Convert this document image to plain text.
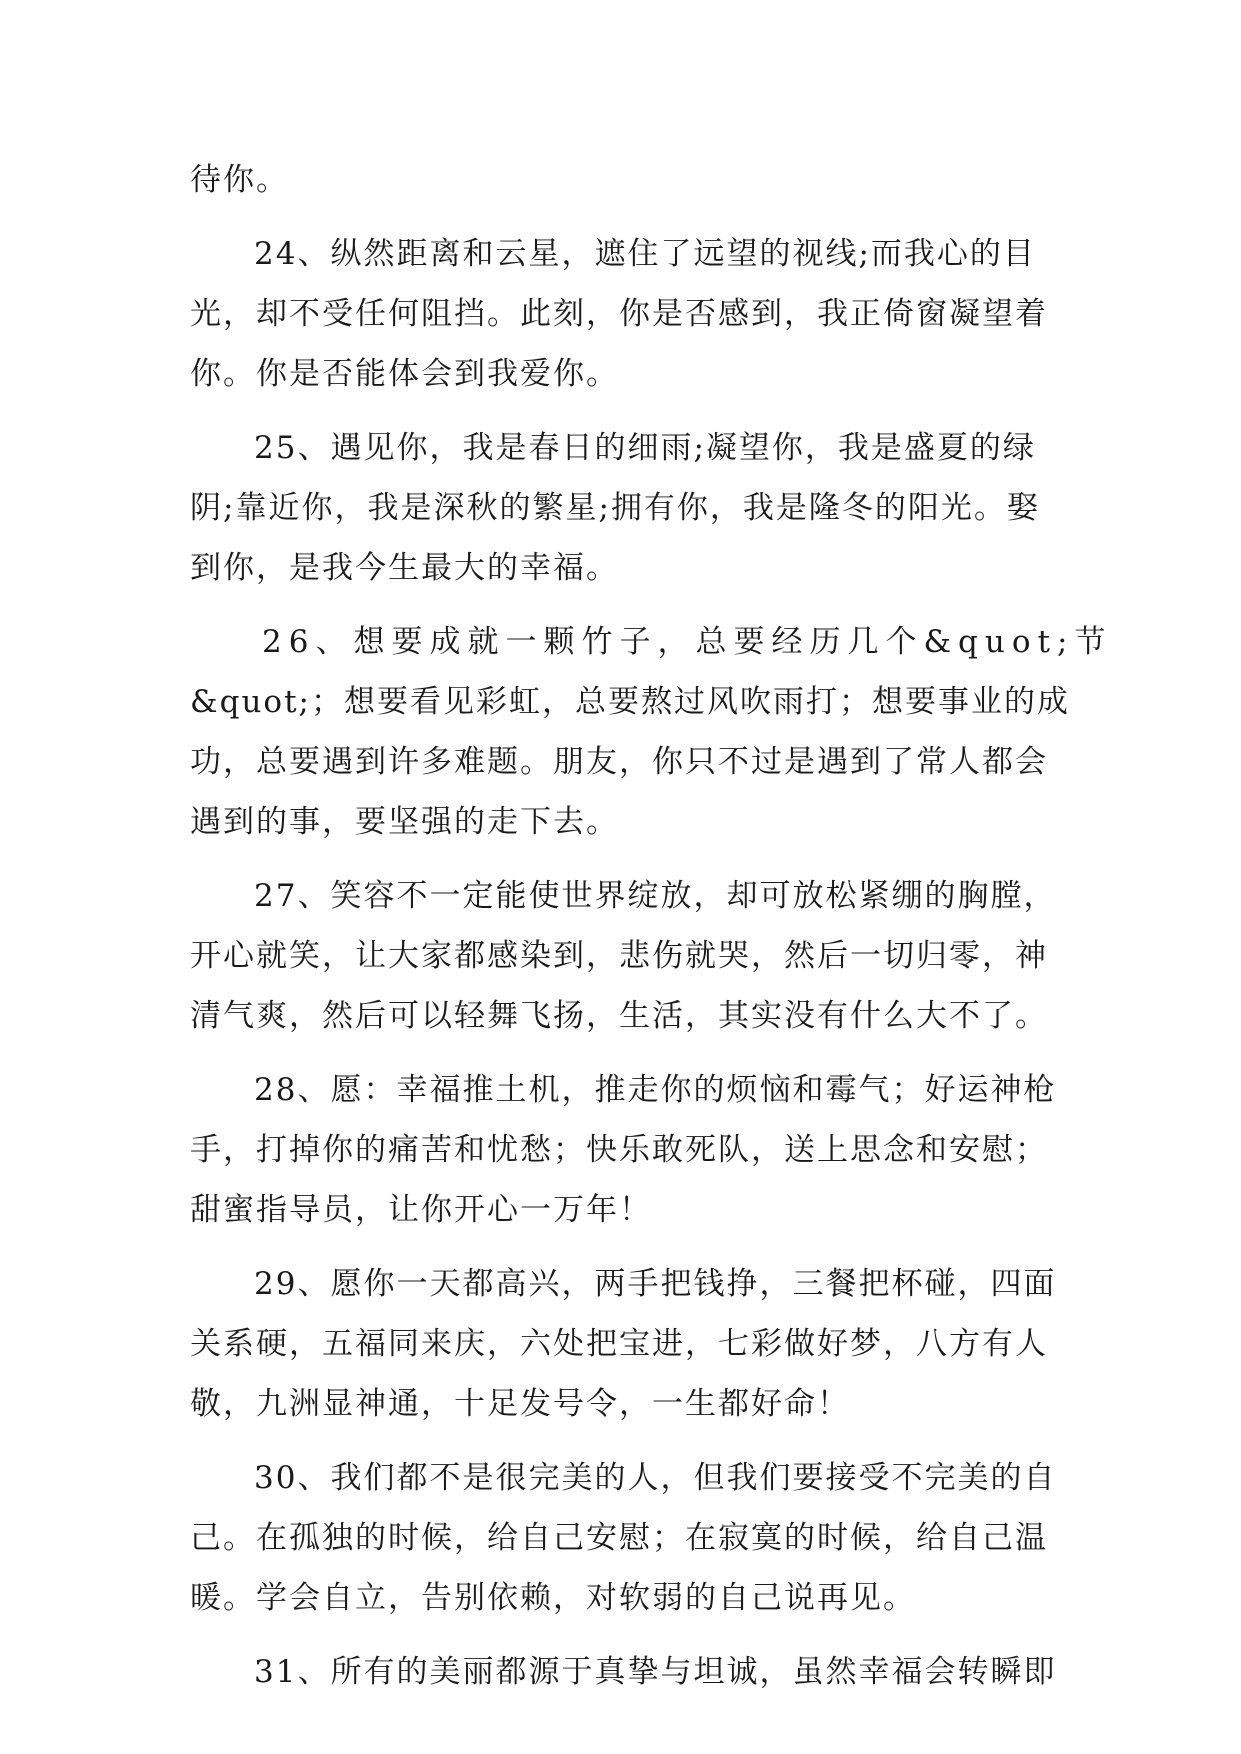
待你。
24、纵然距离和云星，遮住了远望的视线;而我心的目
光，却不受任何阻挡。此刻，你是否感到，我正倚窗凝望着
你。你是否能体会到我爱你。
25、遇见你，我是春日的细雨;凝望你，我是盛夏的绿
阴;靠近你，我是深秋的繁星;拥有你，我是隆冬的阳光。娶
到你，是我今生最大的幸福。
26、想要成就一颗竹子，总要经历几个&quot;节
&quot;；想要看见彩虹，总要熬过风吹雨打；想要事业的成
功，总要遇到许多难题。朋友，你只不过是遇到了常人都会
遇到的事，要坚强的走下去。
27、笑容不一定能使世界绽放，却可放松紧绷的胸膛，
开心就笑，让大家都感染到，悲伤就哭，然后一切归零，神
清气爽，然后可以轻舞飞扬，生活，其实没有什么大不了。
28、愿：幸福推土机，推走你的烦恼和霉气；好运神枪
手，打掉你的痛苦和忧愁；快乐敢死队，送上思念和安慰；
甜蜜指导员，让你开心一万年！
29、愿你一天都高兴，两手把钱挣，三餐把杯碰，四面
关系硬，五福同来庆，六处把宝进，七彩做好梦，八方有人
敬，九洲显神通，十足发号令，一生都好命！
30、我们都不是很完美的人，但我们要接受不完美的自
己。在孤独的时候，给自己安慰；在寂寞的时候，给自己温
暖。学会自立，告别依赖，对软弱的自己说再见。
31、所有的美丽都源于真挚与坦诚，虽然幸福会转瞬即
